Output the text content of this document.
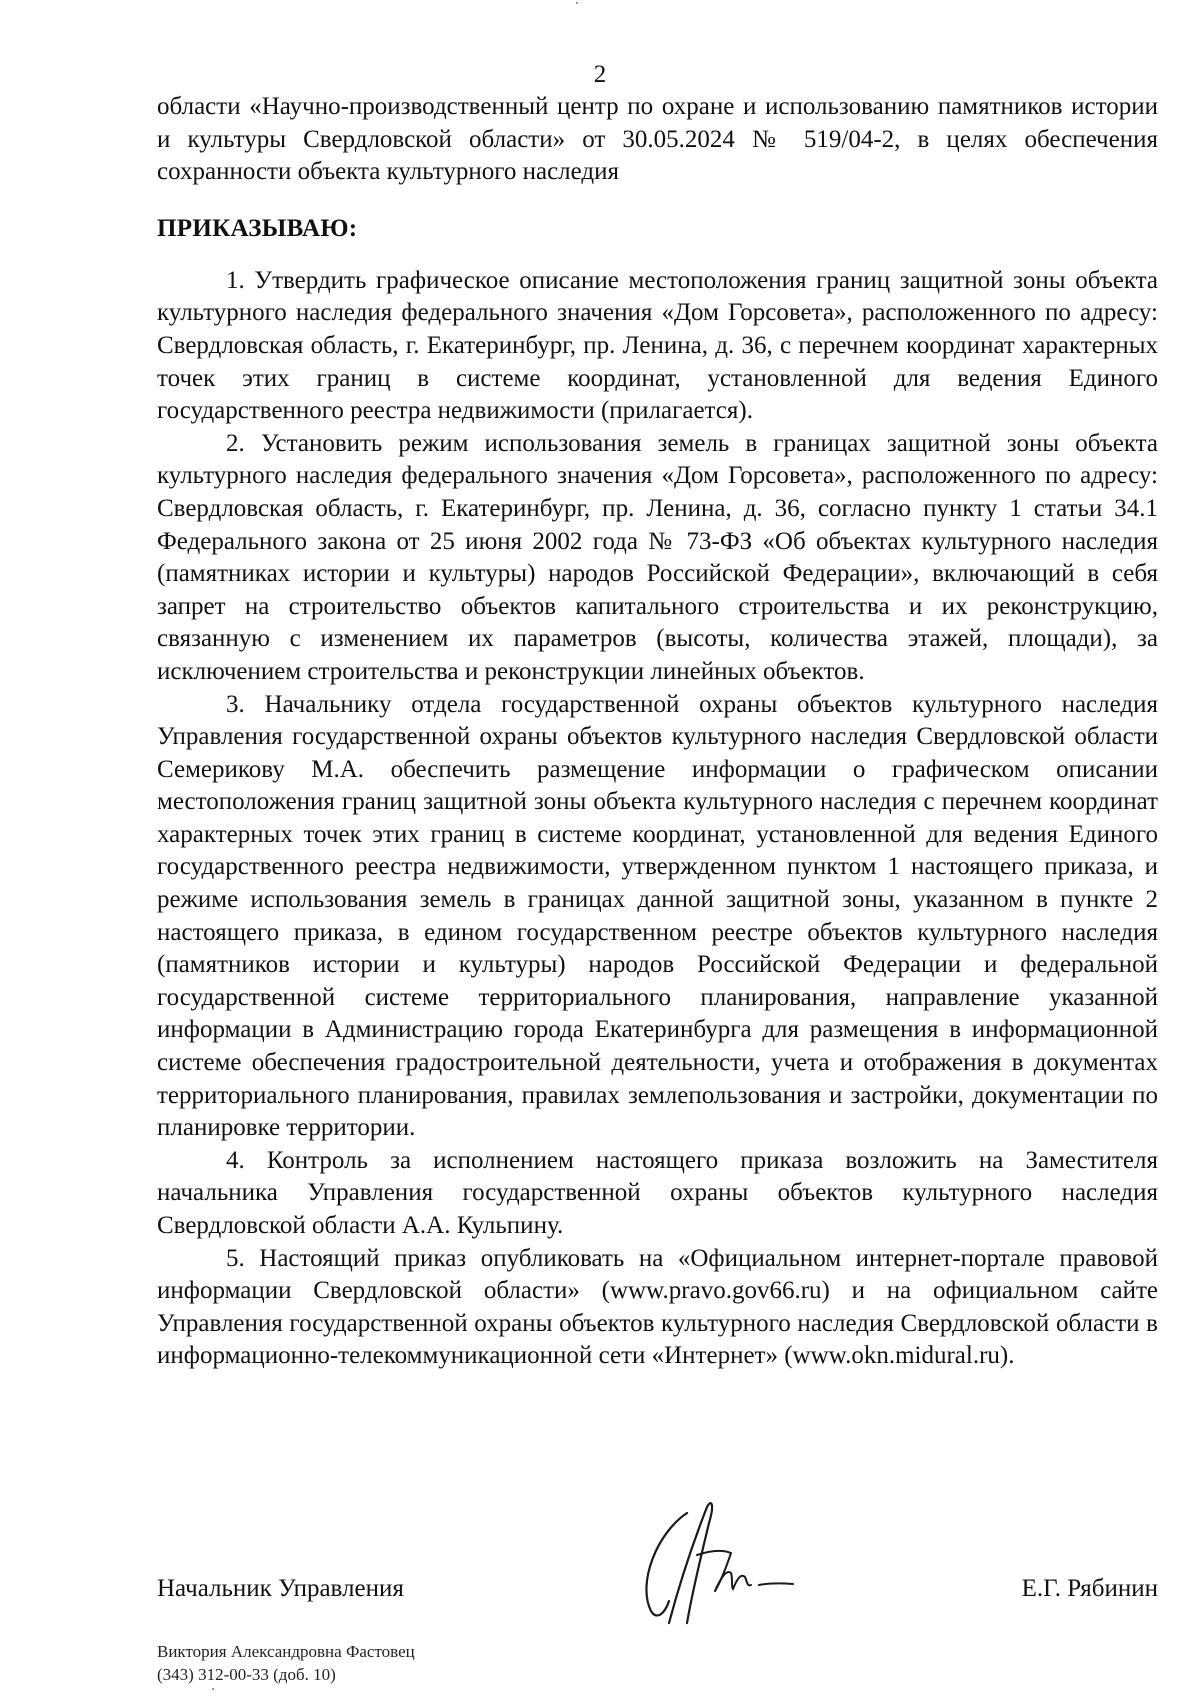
2

области «Научно-производственный центр по охране и использованию памятников истории и культуры Свердловской области» от 30.05.2024 № 519/04-2, в целях обеспечения сохранности объекта культурного наследия

ПРИКАЗЫВАЮ:

1. Утвердить графическое описание местоположения границ защитной зоны объекта культурного наследия федерального значения «Дом Горсовета», расположенного по адресу: Свердловская область, г. Екатеринбург, пр. Ленина, д. 36, с перечнем координат характерных точек этих границ в системе координат, установленной для ведения Единого государственного реестра недвижимости (прилагается).

2. Установить режим использования земель в границах защитной зоны объекта культурного наследия федерального значения «Дом Горсовета», расположенного по адресу: Свердловская область, г. Екатеринбург, пр. Ленина, д. 36, согласно пункту 1 статьи 34.1 Федерального закона от 25 июня 2002 года № 73-ФЗ «Об объектах культурного наследия (памятниках истории и культуры) народов Российской Федерации», включающий в себя запрет на строительство объектов капитального строительства и их реконструкцию, связанную с изменением их параметров (высоты, количества этажей, площади), за исключением строительства и реконструкции линейных объектов.

3. Начальнику отдела государственной охраны объектов культурного наследия Управления государственной охраны объектов культурного наследия Свердловской области Семерикову М.А. обеспечить размещение информации о графическом описании местоположения границ защитной зоны объекта культурного наследия с перечнем координат характерных точек этих границ в системе координат, установленной для ведения Единого государственного реестра недвижимости, утвержденном пунктом 1 настоящего приказа, и режиме использования земель в границах данной защитной зоны, указанном в пункте 2 настоящего приказа, в едином государственном реестре объектов культурного наследия (памятников истории и культуры) народов Российской Федерации и федеральной государственной системе территориального планирования, направление указанной информации в Администрацию города Екатеринбурга для размещения в информационной системе обеспечения градостроительной деятельности, учета и отображения в документах территориального планирования, правилах землепользования и застройки, документации по планировке территории.

4. Контроль за исполнением настоящего приказа возложить на Заместителя начальника Управления государственной охраны объектов культурного наследия Свердловской области А.А. Кульпину.

5. Настоящий приказ опубликовать на «Официальном интернет-портале правовой информации Свердловской области» (www.pravo.gov66.ru) и на официальном сайте Управления государственной охраны объектов культурного наследия Свердловской области в информационно-телекоммуникационной сети «Интернет» (www.okn.midural.ru).

Начальник Управления	Е.Г. Рябинин
Виктория Александровна Фастовец
(343) 312-00-33 (доб. 10)
